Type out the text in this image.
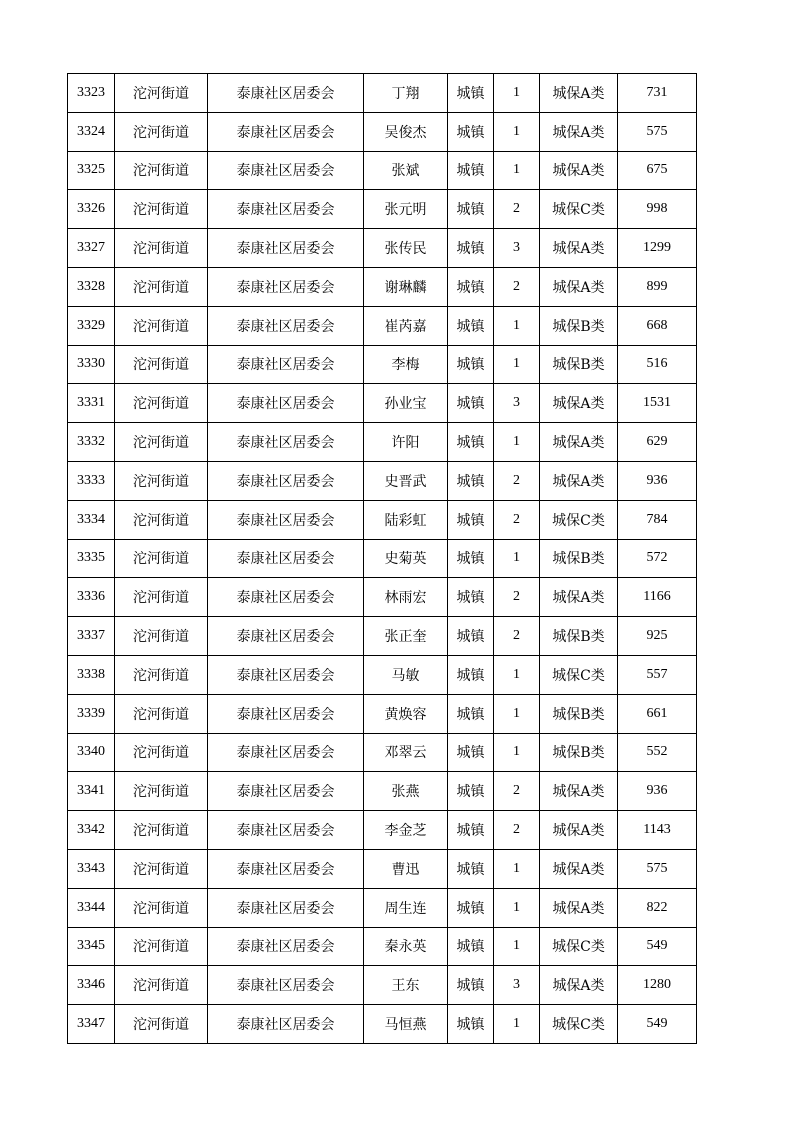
3323	沱河街道	泰康社区居委会	丁翔	城镇	1	城保A类	731
3324	沱河街道	泰康社区居委会	吴俊杰	城镇	1	城保A类	575
3325	沱河街道	泰康社区居委会	张斌	城镇	1	城保A类	675
3326	沱河街道	泰康社区居委会	张元明	城镇	2	城保C类	998
3327	沱河街道	泰康社区居委会	张传民	城镇	3	城保A类	1299
3328	沱河街道	泰康社区居委会	谢琳麟	城镇	2	城保A类	899
3329	沱河街道	泰康社区居委会	崔芮嘉	城镇	1	城保B类	668
3330	沱河街道	泰康社区居委会	李梅	城镇	1	城保B类	516
3331	沱河街道	泰康社区居委会	孙业宝	城镇	3	城保A类	1531
3332	沱河街道	泰康社区居委会	许阳	城镇	1	城保A类	629
3333	沱河街道	泰康社区居委会	史晋武	城镇	2	城保A类	936
3334	沱河街道	泰康社区居委会	陆彩虹	城镇	2	城保C类	784
3335	沱河街道	泰康社区居委会	史菊英	城镇	1	城保B类	572
3336	沱河街道	泰康社区居委会	林雨宏	城镇	2	城保A类	1166
3337	沱河街道	泰康社区居委会	张正奎	城镇	2	城保B类	925
3338	沱河街道	泰康社区居委会	马敏	城镇	1	城保C类	557
3339	沱河街道	泰康社区居委会	黄焕容	城镇	1	城保B类	661
3340	沱河街道	泰康社区居委会	邓翠云	城镇	1	城保B类	552
3341	沱河街道	泰康社区居委会	张燕	城镇	2	城保A类	936
3342	沱河街道	泰康社区居委会	李金芝	城镇	2	城保A类	1143
3343	沱河街道	泰康社区居委会	曹迅	城镇	1	城保A类	575
3344	沱河街道	泰康社区居委会	周生连	城镇	1	城保A类	822
3345	沱河街道	泰康社区居委会	秦永英	城镇	1	城保C类	549
3346	沱河街道	泰康社区居委会	王东	城镇	3	城保A类	1280
3347	沱河街道	泰康社区居委会	马恒燕	城镇	1	城保C类	549
